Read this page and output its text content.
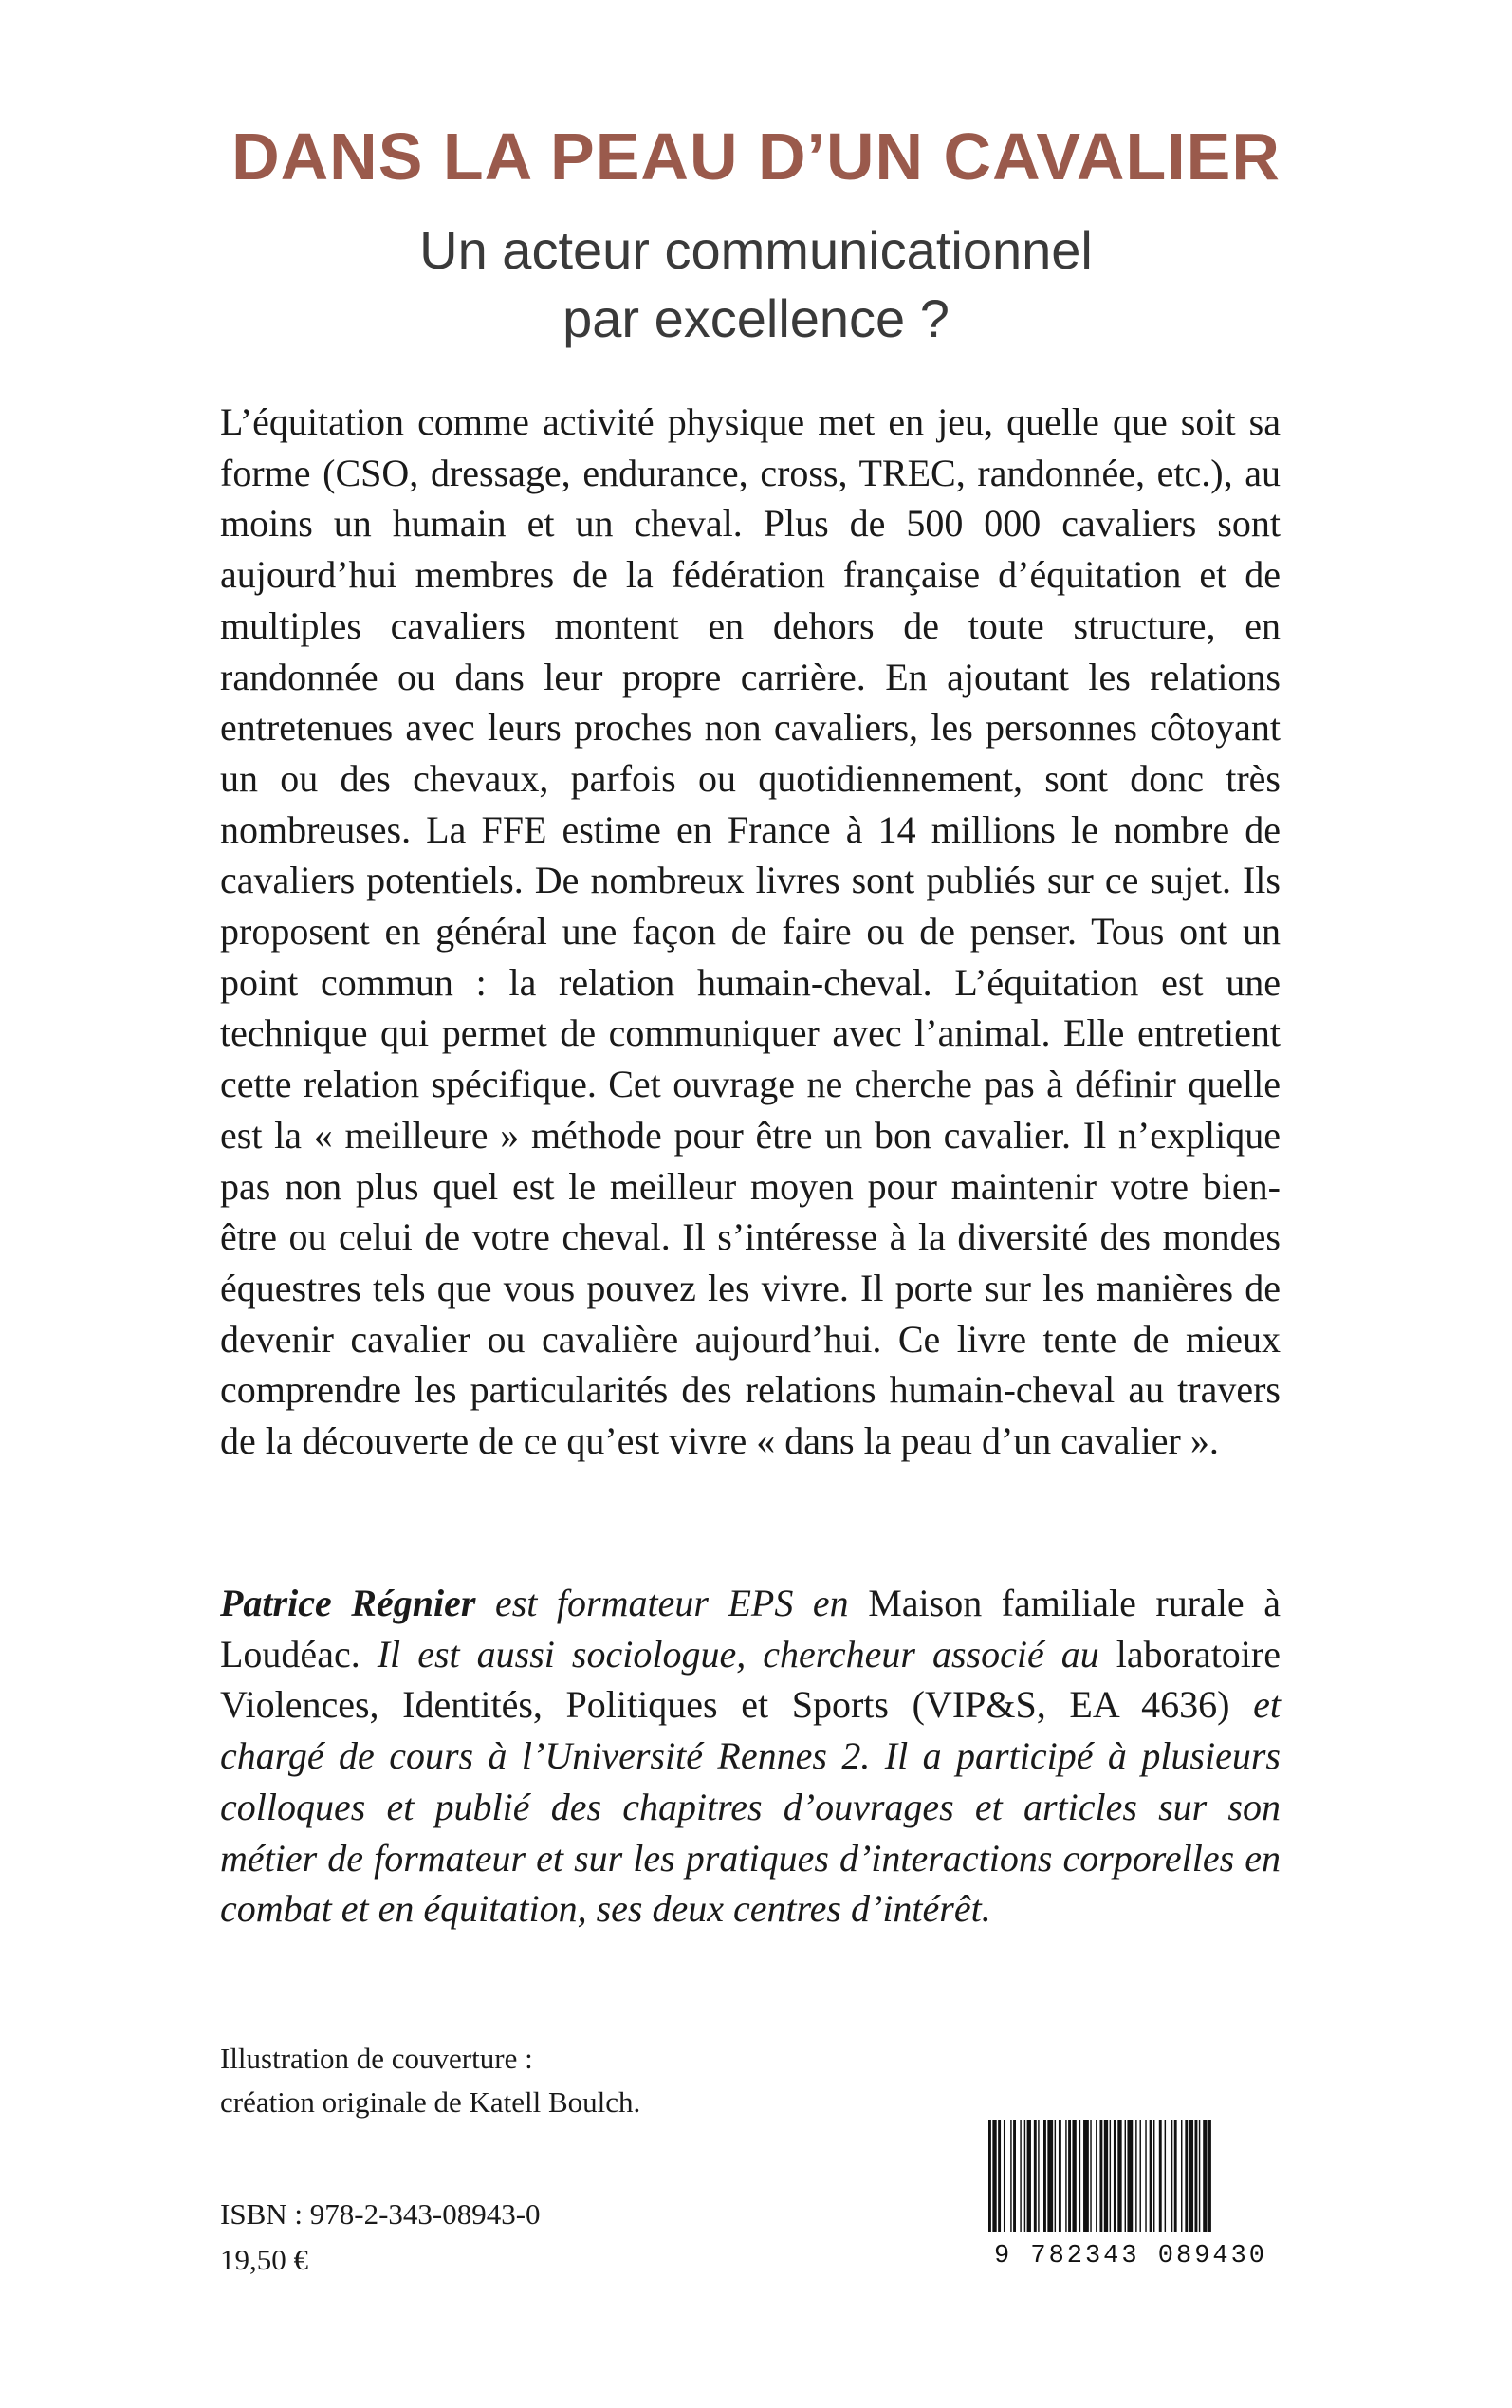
DANS LA PEAU D’UN CAVALIER
Un acteur communicationnel
par excellence ?

L’équitation comme activité physique met en jeu, quelle que soit sa forme (CSO, dressage, endurance, cross, TREC, randonnée, etc.), au moins un humain et un cheval. Plus de 500 000 cavaliers sont aujourd’hui membres de la fédération française d’équitation et de multiples cavaliers montent en dehors de toute structure, en randonnée ou dans leur propre carrière. En ajoutant les relations entretenues avec leurs proches non cavaliers, les personnes côtoyant un ou des chevaux, parfois ou quotidiennement, sont donc très nombreuses. La FFE estime en France à 14 millions le nombre de cavaliers potentiels. De nombreux livres sont publiés sur ce sujet. Ils proposent en général une façon de faire ou de penser. Tous ont un point commun : la relation humain-cheval. L’équitation est une technique qui permet de communiquer avec l’animal. Elle entretient cette relation spécifique. Cet ouvrage ne cherche pas à définir quelle est la « meilleure » méthode pour être un bon cavalier. Il n’explique pas non plus quel est le meilleur moyen pour maintenir votre bien-être ou celui de votre cheval. Il s’intéresse à la diversité des mondes équestres tels que vous pouvez les vivre. Il porte sur les manières de devenir cavalier ou cavalière aujourd’hui. Ce livre tente de mieux comprendre les particularités des relations humain-cheval au travers de la découverte de ce qu’est vivre « dans la peau d’un cavalier ».

Patrice Régnier est formateur EPS en Maison familiale rurale à Loudéac. Il est aussi sociologue, chercheur associé au laboratoire Violences, Identités, Politiques et Sports (VIP&S, EA 4636) et chargé de cours à l’Université Rennes 2. Il a participé à plusieurs colloques et publié des chapitres d’ouvrages et articles sur son métier de formateur et sur les pratiques d’interactions corporelles en combat et en équitation, ses deux centres d’intérêt.

Illustration de couverture :
création originale de Katell Boulch.
ISBN : 978-2-343-08943-0
19,50 €	9 782343 089430
